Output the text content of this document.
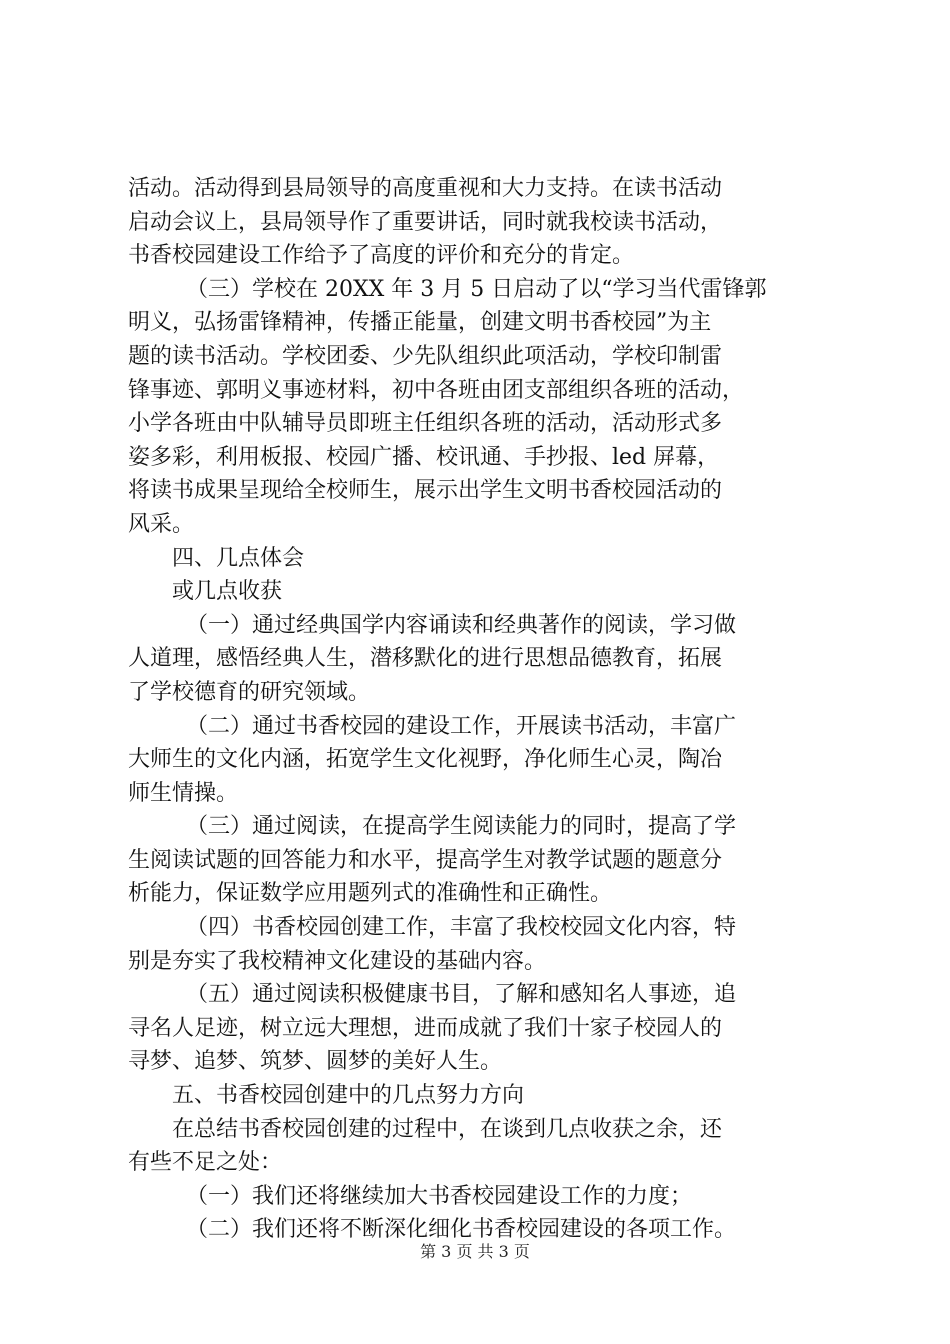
活动。活动得到县局领导的高度重视和大力支持。在读书活动
启动会议上，县局领导作了重要讲话，同时就我校读书活动，
书香校园建设工作给予了高度的评价和充分的肯定。
（三）学校在 20XX 年 3 月 5 日启动了以“学习当代雷锋郭
明义，弘扬雷锋精神，传播正能量，创建文明书香校园”为主
题的读书活动。学校团委、少先队组织此项活动，学校印制雷
锋事迹、郭明义事迹材料，初中各班由团支部组织各班的活动，
小学各班由中队辅导员即班主任组织各班的活动，活动形式多
姿多彩，利用板报、校园广播、校讯通、手抄报、led 屏幕，
将读书成果呈现给全校师生，展示出学生文明书香校园活动的
风采。
四、几点体会
或几点收获
（一）通过经典国学内容诵读和经典著作的阅读，学习做
人道理，感悟经典人生，潜移默化的进行思想品德教育，拓展
了学校德育的研究领域。
（二）通过书香校园的建设工作，开展读书活动，丰富广
大师生的文化内涵，拓宽学生文化视野，净化师生心灵，陶冶
师生情操。
（三）通过阅读，在提高学生阅读能力的同时，提高了学
生阅读试题的回答能力和水平，提高学生对教学试题的题意分
析能力，保证数学应用题列式的准确性和正确性。
（四）书香校园创建工作，丰富了我校校园文化内容，特
别是夯实了我校精神文化建设的基础内容。
（五）通过阅读积极健康书目，了解和感知名人事迹，追
寻名人足迹，树立远大理想，进而成就了我们十家子校园人的
寻梦、追梦、筑梦、圆梦的美好人生。
五、书香校园创建中的几点努力方向
在总结书香校园创建的过程中，在谈到几点收获之余，还
有些不足之处：
（一）我们还将继续加大书香校园建设工作的力度；
（二）我们还将不断深化细化书香校园建设的各项工作。
第 3 页 共 3 页
